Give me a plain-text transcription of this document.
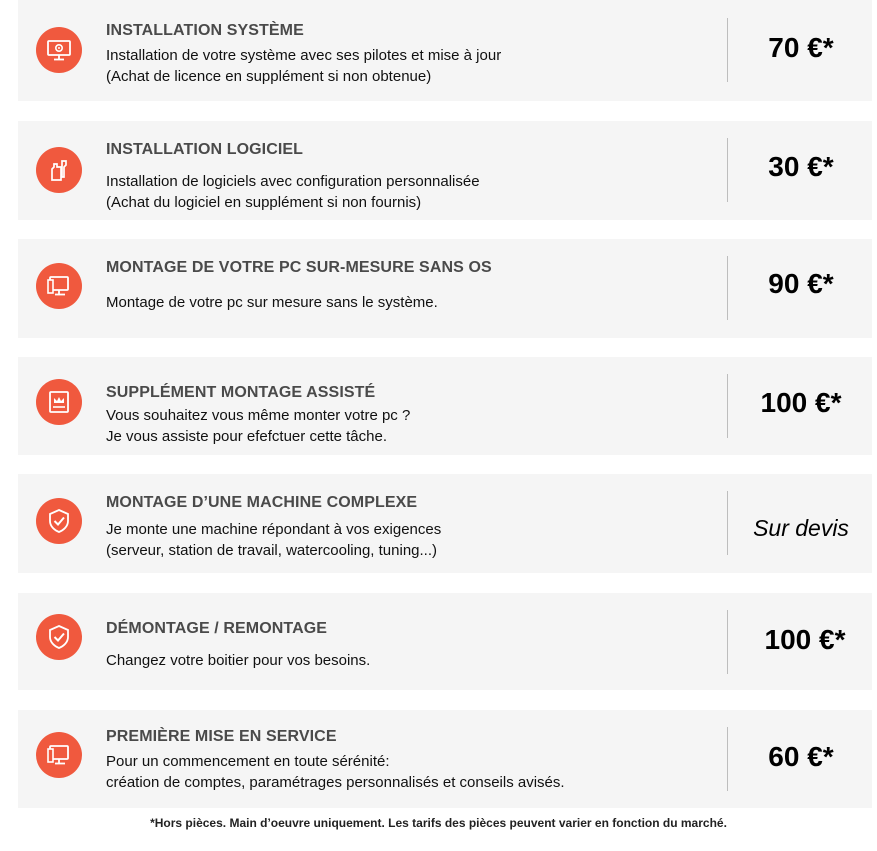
INSTALLATION SYSTÈME
Installation de votre système avec ses pilotes et mise à jour
(Achat de licence en supplément si non obtenue)
70 €*
INSTALLATION LOGICIEL
Installation de logiciels avec configuration personnalisée
(Achat du logiciel en supplément si non fournis)
30 €*
MONTAGE DE VOTRE PC SUR-MESURE SANS OS
Montage de votre pc sur mesure sans le système.
90 €*
SUPPLÉMENT MONTAGE ASSISTÉ
Vous souhaitez vous même monter votre pc ?
Je vous assiste pour efefctuer cette tâche.
100 €*
MONTAGE D’UNE MACHINE COMPLEXE
Je monte une machine répondant à vos exigences
(serveur, station de travail, watercooling, tuning...)
Sur devis
DÉMONTAGE / REMONTAGE
Changez votre boitier pour vos besoins.
100 €*
PREMIÈRE MISE EN SERVICE
Pour un commencement en toute sérénité:
création de comptes, paramétrages personnalisés et conseils avisés.
60 €*
*Hors pièces. Main d’oeuvre uniquement. Les tarifs des pièces peuvent varier en fonction du marché.
